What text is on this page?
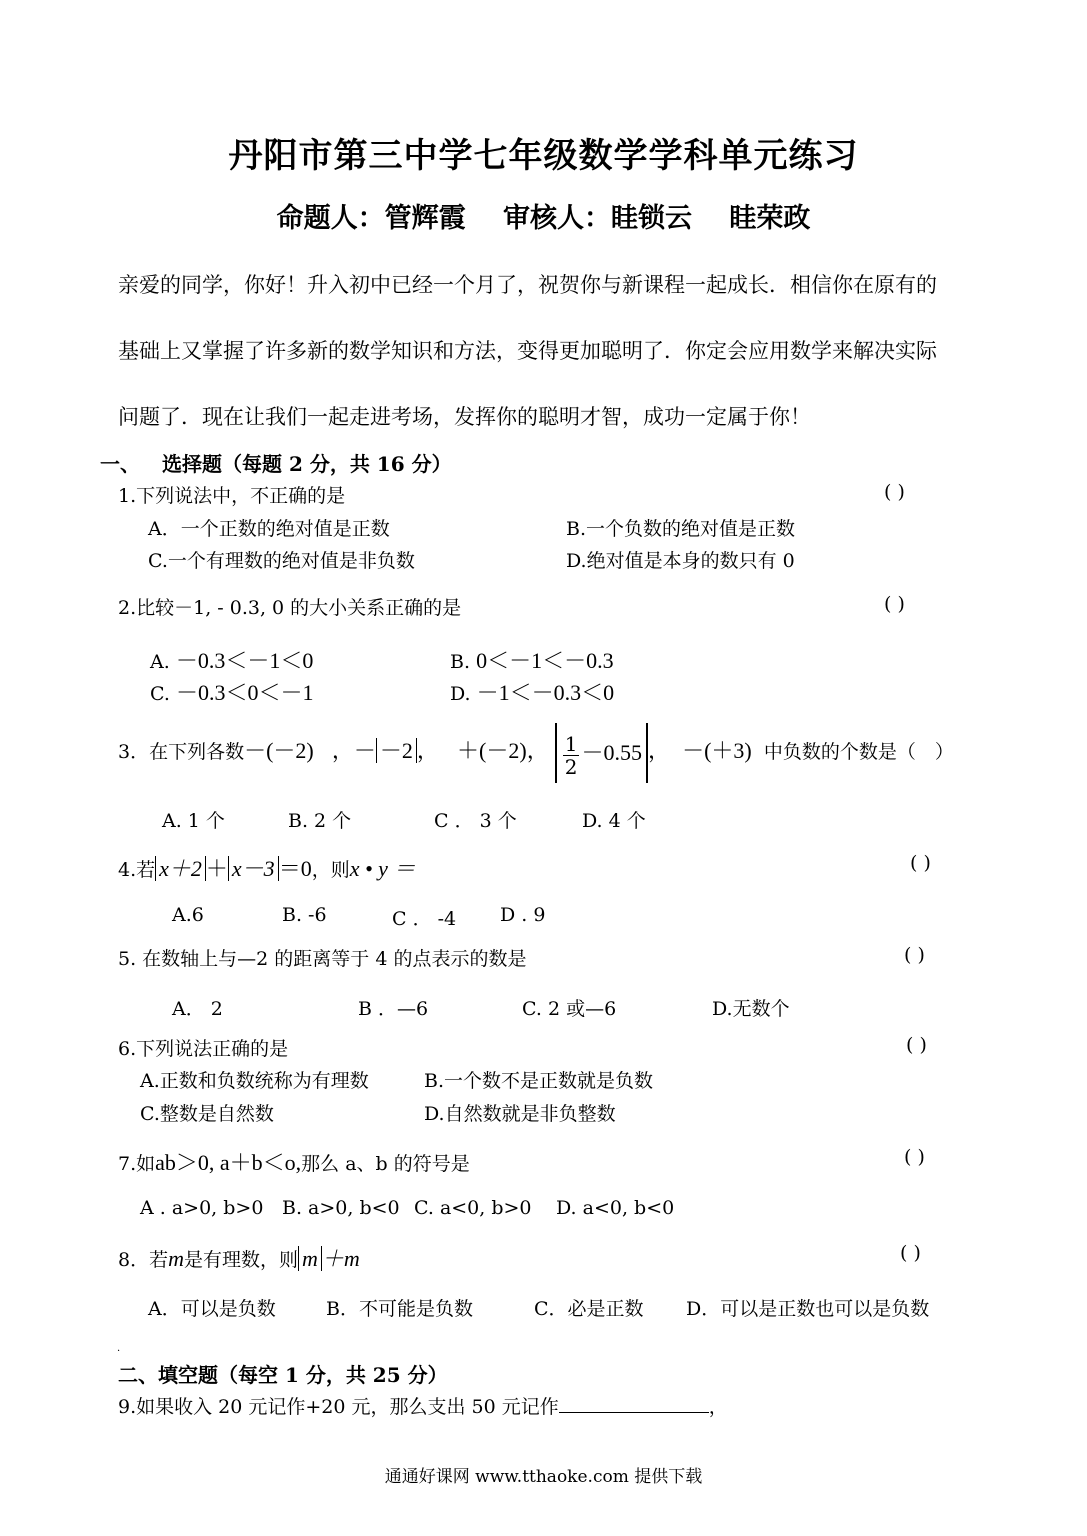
丹阳市第三中学七年级数学学科单元练习
命题人：管辉霞 审核人：眭锁云 眭荣政
亲爱的同学，你好！升入初中已经一个月了，祝贺你与新课程一起成长．相信你在原有的
基础上又掌握了许多新的数学知识和方法，变得更加聪明了．你定会应用数学来解决实际
问题了．现在让我们一起走进考场，发挥你的聪明才智，成功一定属于你！
一、 选择题（每题 2 分，共 16 分）
1.下列说法中，不正确的是	( )
A．一个正数的绝对值是正数	B.一个负数的绝对值是正数
C.一个有理数的绝对值是非负数	D.绝对值是本身的数只有 0
2.比较－1, - 0.3, 0 的大小关系正确的是	( )
A. －0.3＜－1＜0	B. 0＜－1＜－0.3
C. －0.3＜0＜－1	D. －1＜－0.3＜0
3．在下列各数－(－2) ，－ －2 ， ＋(－2)， $\frac{1}{2} -0.55$ ， －(＋3) 中负数的个数是（　）
A. 1 个	B. 2 个	C ． 3 个	D. 4 个
4.若 x＋2 ＋ x－3 ＝0，则x • y ＝	( )
A.6	B. -6	C ． -4 D . 9
5. 在数轴上与—2 的距离等于 4 的点表示的数是	( )
A． 2	B ．—6	C. 2 或—6	D.无数个
6.下列说法正确的是	( )
A.正数和负数统称为有理数	B.一个数不是正数就是负数
C.整数是自然数	D.自然数就是非负整数
7.如ab＞0, a＋b＜o,那么 a、b 的符号是	( )
A . a>0, b>0 B. a>0, b<0 C. a<0, b>0 D. a<0, b<0
8．若m是有理数，则 m ＋m	( )
A．可以是负数	B．不可能是负数	C．必是正数 D．可以是正数也可以是负数
·
二、填空题（每空 1 分，共 25 分）
9.如果收入 20 元记作+20 元，那么支出 50 元记作	，
通通好课网 www.tthaoke.com 提供下载
